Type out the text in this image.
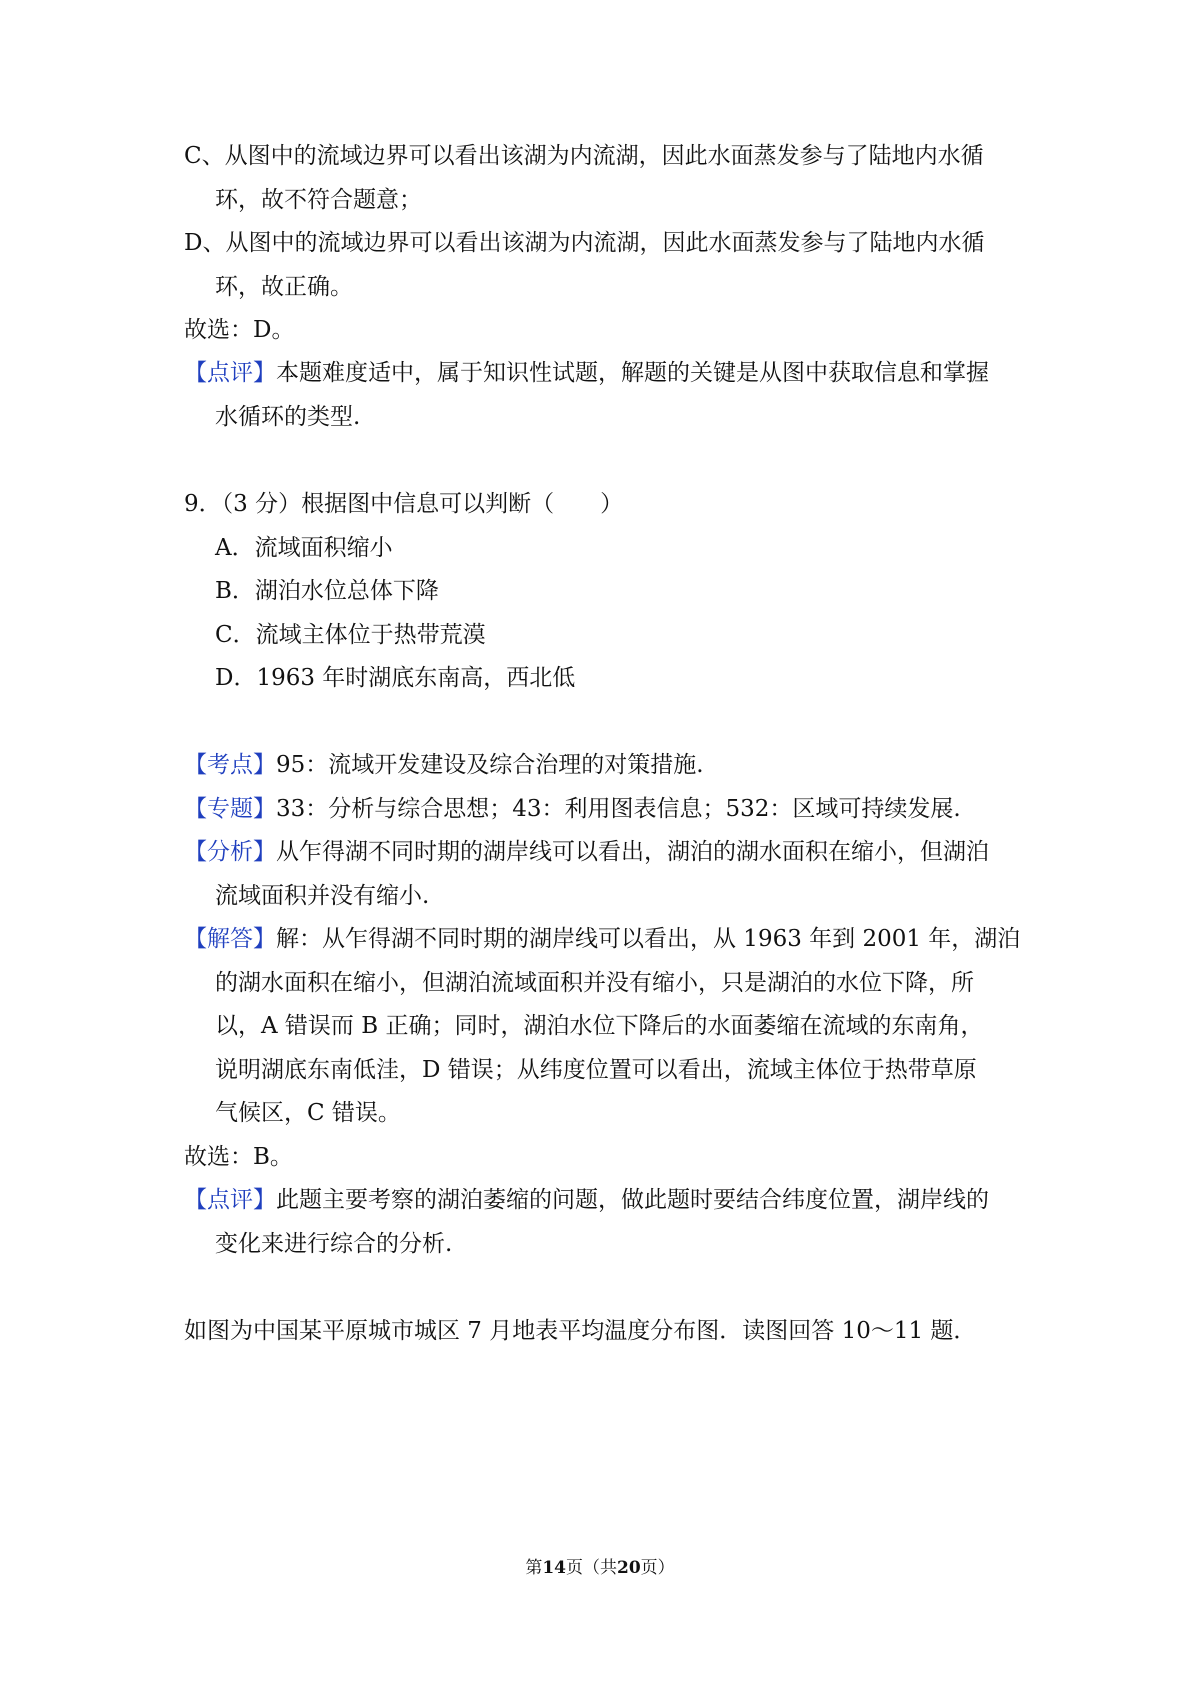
C、从图中的流域边界可以看出该湖为内流湖，因此水面蒸发参与了陆地内水循
环，故不符合题意；
D、从图中的流域边界可以看出该湖为内流湖，因此水面蒸发参与了陆地内水循
环，故正确。
故选：D。
【点评】本题难度适中，属于知识性试题，解题的关键是从图中获取信息和掌握
水循环的类型.
9．（3 分）根据图中信息可以判断（　　）
A．流域面积缩小
B．湖泊水位总体下降
C．流域主体位于热带荒漠
D．1963 年时湖底东南高，西北低
【考点】95：流域开发建设及综合治理的对策措施.
【专题】33：分析与综合思想；43：利用图表信息；532：区域可持续发展.
【分析】从乍得湖不同时期的湖岸线可以看出，湖泊的湖水面积在缩小，但湖泊
流域面积并没有缩小.
【解答】解：从乍得湖不同时期的湖岸线可以看出，从 1963 年到 2001 年，湖泊
的湖水面积在缩小，但湖泊流域面积并没有缩小，只是湖泊的水位下降，所
以，A 错误而 B 正确；同时，湖泊水位下降后的水面萎缩在流域的东南角，
说明湖底东南低洼，D 错误；从纬度位置可以看出，流域主体位于热带草原
气候区，C 错误。
故选：B。
【点评】此题主要考察的湖泊萎缩的问题，做此题时要结合纬度位置，湖岸线的
变化来进行综合的分析.
如图为中国某平原城市城区 7 月地表平均温度分布图．读图回答 10～11 题．
第14页（共20页）
